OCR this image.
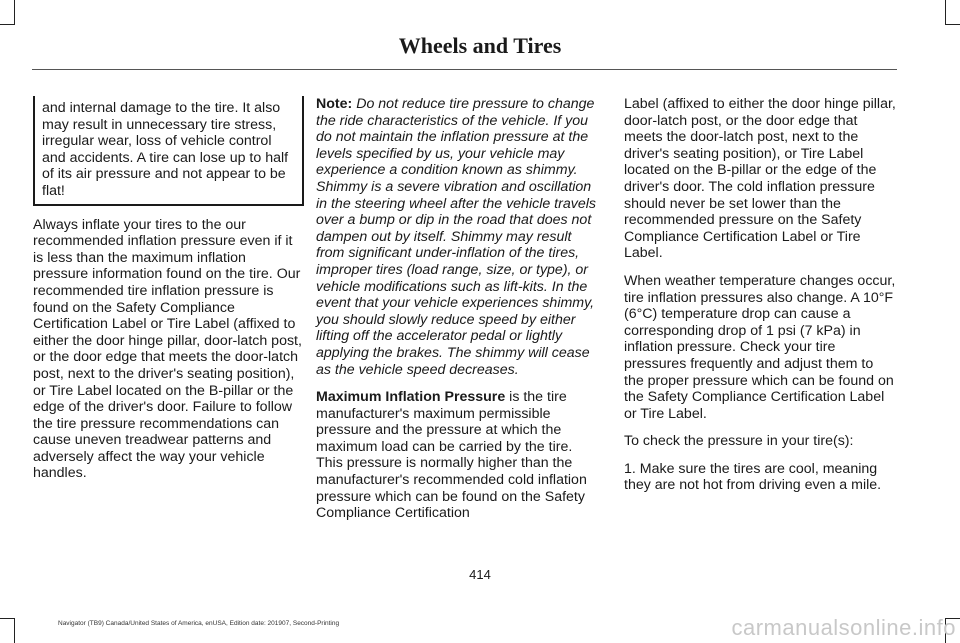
Wheels and Tires

and internal damage to the tire. It also may result in unnecessary tire stress, irregular wear, loss of vehicle control and accidents. A tire can lose up to half of its air pressure and not appear to be flat!

Always inflate your tires to the our recommended inflation pressure even if it is less than the maximum inflation pressure information found on the tire. Our recommended tire inflation pressure is found on the Safety Compliance Certification Label or Tire Label (affixed to either the door hinge pillar, door-latch post, or the door edge that meets the door-latch post, next to the driver's seating position), or Tire Label located on the B-pillar or the edge of the driver's door. Failure to follow the tire pressure recommendations can cause uneven treadwear patterns and adversely affect the way your vehicle handles.

Note: Do not reduce tire pressure to change the ride characteristics of the vehicle. If you do not maintain the inflation pressure at the levels specified by us, your vehicle may experience a condition known as shimmy. Shimmy is a severe vibration and oscillation in the steering wheel after the vehicle travels over a bump or dip in the road that does not dampen out by itself. Shimmy may result from significant under-inflation of the tires, improper tires (load range, size, or type), or vehicle modifications such as lift-kits. In the event that your vehicle experiences shimmy, you should slowly reduce speed by either lifting off the accelerator pedal or lightly applying the brakes. The shimmy will cease as the vehicle speed decreases.

Maximum Inflation Pressure is the tire manufacturer's maximum permissible pressure and the pressure at which the maximum load can be carried by the tire. This pressure is normally higher than the manufacturer's recommended cold inflation pressure which can be found on the Safety Compliance Certification

Label (affixed to either the door hinge pillar, door-latch post, or the door edge that meets the door-latch post, next to the driver's seating position), or Tire Label located on the B-pillar or the edge of the driver's door. The cold inflation pressure should never be set lower than the recommended pressure on the Safety Compliance Certification Label or Tire Label.

When weather temperature changes occur, tire inflation pressures also change. A 10°F (6°C) temperature drop can cause a corresponding drop of 1 psi (7 kPa) in inflation pressure. Check your tire pressures frequently and adjust them to the proper pressure which can be found on the Safety Compliance Certification Label or Tire Label.

To check the pressure in your tire(s):

1. Make sure the tires are cool, meaning they are not hot from driving even a mile.

414
Navigator (TB9) Canada/United States of America, enUSA, Edition date: 201907, Second-Printing	carmanualsonline.info
